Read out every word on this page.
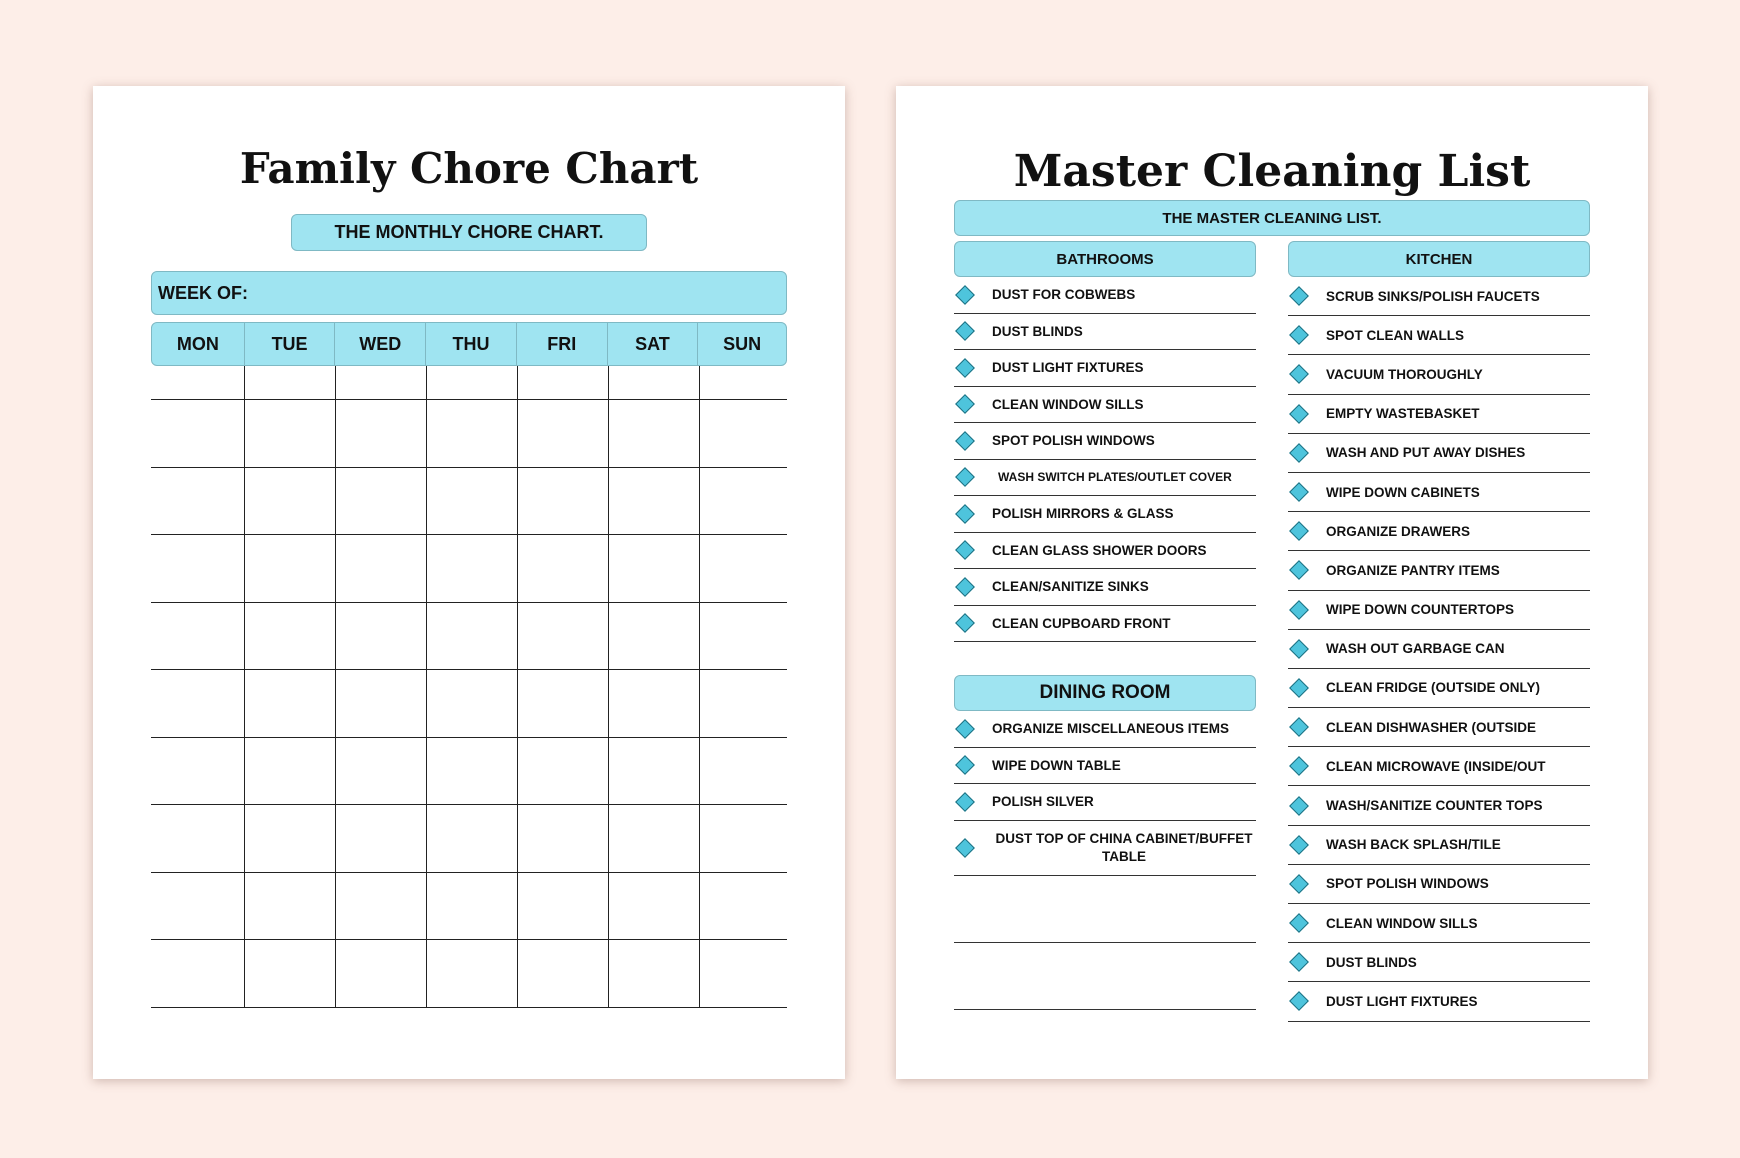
Family Chore Chart
THE MONTHLY CHORE CHART.
WEEK OF:
MON	TUE	WED	THU	FRI	SAT	SUN

Master Cleaning List
THE MASTER CLEANING LIST.
BATHROOMS
DUST FOR COBWEBS
DUST BLINDS
DUST LIGHT FIXTURES
CLEAN WINDOW SILLS
SPOT POLISH WINDOWS
WASH SWITCH PLATES/OUTLET COVER
POLISH MIRRORS & GLASS
CLEAN GLASS SHOWER DOORS
CLEAN/SANITIZE SINKS
CLEAN CUPBOARD FRONT
KITCHEN
SCRUB SINKS/POLISH FAUCETS
SPOT CLEAN WALLS
VACUUM THOROUGHLY
EMPTY WASTEBASKET
WASH AND PUT AWAY DISHES
WIPE DOWN CABINETS
ORGANIZE DRAWERS
ORGANIZE PANTRY ITEMS
WIPE DOWN COUNTERTOPS
WASH OUT GARBAGE CAN
CLEAN FRIDGE (OUTSIDE ONLY)
CLEAN DISHWASHER (OUTSIDE
CLEAN MICROWAVE (INSIDE/OUT
WASH/SANITIZE COUNTER TOPS
WASH BACK SPLASH/TILE
SPOT POLISH WINDOWS
CLEAN WINDOW SILLS
DUST BLINDS
DUST LIGHT FIXTURES
DINING ROOM
ORGANIZE MISCELLANEOUS ITEMS
WIPE DOWN TABLE
POLISH SILVER
DUST TOP OF CHINA CABINET/BUFFET TABLE
